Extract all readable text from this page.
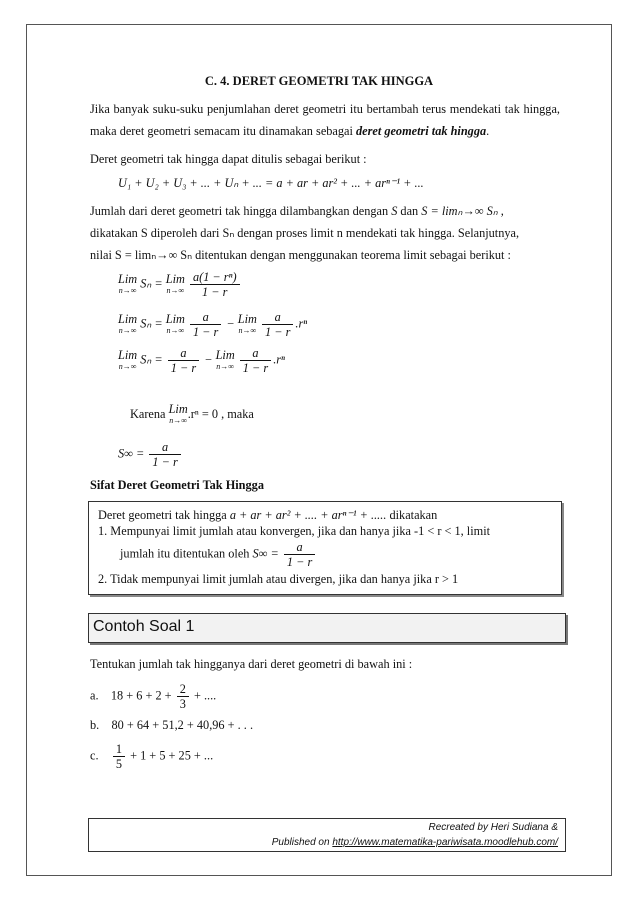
C. 4. DERET GEOMETRI TAK HINGGA
Jika banyak suku-suku penjumlahan deret geometri itu bertambah terus mendekati tak hingga, maka deret geometri semacam itu dinamakan sebagai deret geometri tak hingga.
Deret geometri tak hingga dapat ditulis sebagai berikut :
U₁ + U₂ + U₃ + ... + Uₙ + ... = a + ar + ar² + ... + arⁿ⁻¹ + ...
Jumlah dari deret geometri tak hingga dilambangkan dengan S dan S = limₙ→∞ Sₙ ,
dikatakan S diperoleh dari Sₙ dengan proses limit n mendekati tak hingga. Selanjutnya,
nilai S = limₙ→∞ Sₙ ditentukan dengan menggunakan teorema limit sebagai berikut :
Lim
n→∞ Sₙ = Lim
n→∞
$\frac{\text{a(1 − rⁿ)}}{1 - r}$
Lim
n→∞ Sₙ = Lim
n→∞
$\frac{a}{1 - r}$ − Lim
n→∞
$\frac{a}{1 - r} .r^n$
Lim
n→∞ $S_n = \frac{a}{1 - r}$ − Lim
n→∞
$\frac{a}{1 - r} .r^n$
Karena Lim
n→∞ .rⁿ = 0 , maka
$S\infty = \frac{a}{1 - r}$
Sifat Deret Geometri Tak Hingga
Deret geometri tak hingga a + ar + ar² + .... + arⁿ⁻¹ + ..... dikatakan
1. Mempunyai limit jumlah atau konvergen, jika dan hanya jika -1 < r < 1, limit
jumlah itu ditentukan oleh $S\infty = \frac{a}{1 - r}$
2. Tidak mempunyai limit jumlah atau divergen, jika dan hanya jika r > 1
Contoh Soal 1
Tentukan jumlah tak hingganya dari deret geometri di bawah ini :
a. $18 + 6 + 2 + \frac{2}{3}$ + ....
b. 80 + 64 + 51,2 + 40,96 + . . .
c. $\frac{1}{5} + 1 + 5 + 25$ + ...
Recreated by Heri Sudiana &
Published on http://www.matematika-pariwisata.moodlehub.com/
